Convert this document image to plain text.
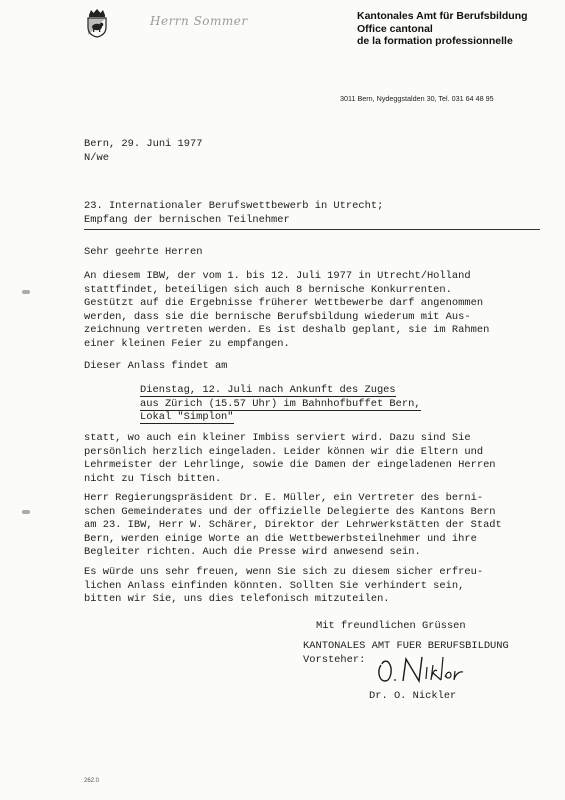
Herrn Sommer	Kantonales Amt für Berufsbildung
Office cantonal
de la formation professionnelle
3011 Bern, Nydeggstalden 30, Tel. 031 64 48 95
Bern, 29. Juni 1977
N/we
23. Internationaler Berufswettbewerb in Utrecht;
Empfang der bernischen Teilnehmer
Sehr geehrte Herren
An diesem IBW, der vom 1. bis 12. Juli 1977 in Utrecht/Holland
stattfindet, beteiligen sich auch 8 bernische Konkurrenten.
Gestützt auf die Ergebnisse früherer Wettbewerbe darf angenommen
werden, dass sie die bernische Berufsbildung wiederum mit Aus-
zeichnung vertreten werden. Es ist deshalb geplant, sie im Rahmen
einer kleinen Feier zu empfangen.
Dieser Anlass findet am
Dienstag, 12. Juli nach Ankunft des Zuges
aus Zürich (15.57 Uhr) im Bahnhofbuffet Bern,
Lokal "Simplon"
statt, wo auch ein kleiner Imbiss serviert wird. Dazu sind Sie
persönlich herzlich eingeladen. Leider können wir die Eltern und
Lehrmeister der Lehrlinge, sowie die Damen der eingeladenen Herren
nicht zu Tisch bitten.
Herr Regierungspräsident Dr. E. Müller, ein Vertreter des berni-
schen Gemeinderates und der offizielle Delegierte des Kantons Bern
am 23. IBW, Herr W. Schärer, Direktor der Lehrwerkstätten der Stadt
Bern, werden einige Worte an die Wettbewerbsteilnehmer und ihre
Begleiter richten. Auch die Presse wird anwesend sein.
Es würde uns sehr freuen, wenn Sie sich zu diesem sicher erfreu-
lichen Anlass einfinden könnten. Sollten Sie verhindert sein,
bitten wir Sie, uns dies telefonisch mitzuteilen.
Mit freundlichen Grüssen
KANTONALES AMT FUER BERUFSBILDUNG
Vorsteher:
Dr. O. Nickler
262.0
